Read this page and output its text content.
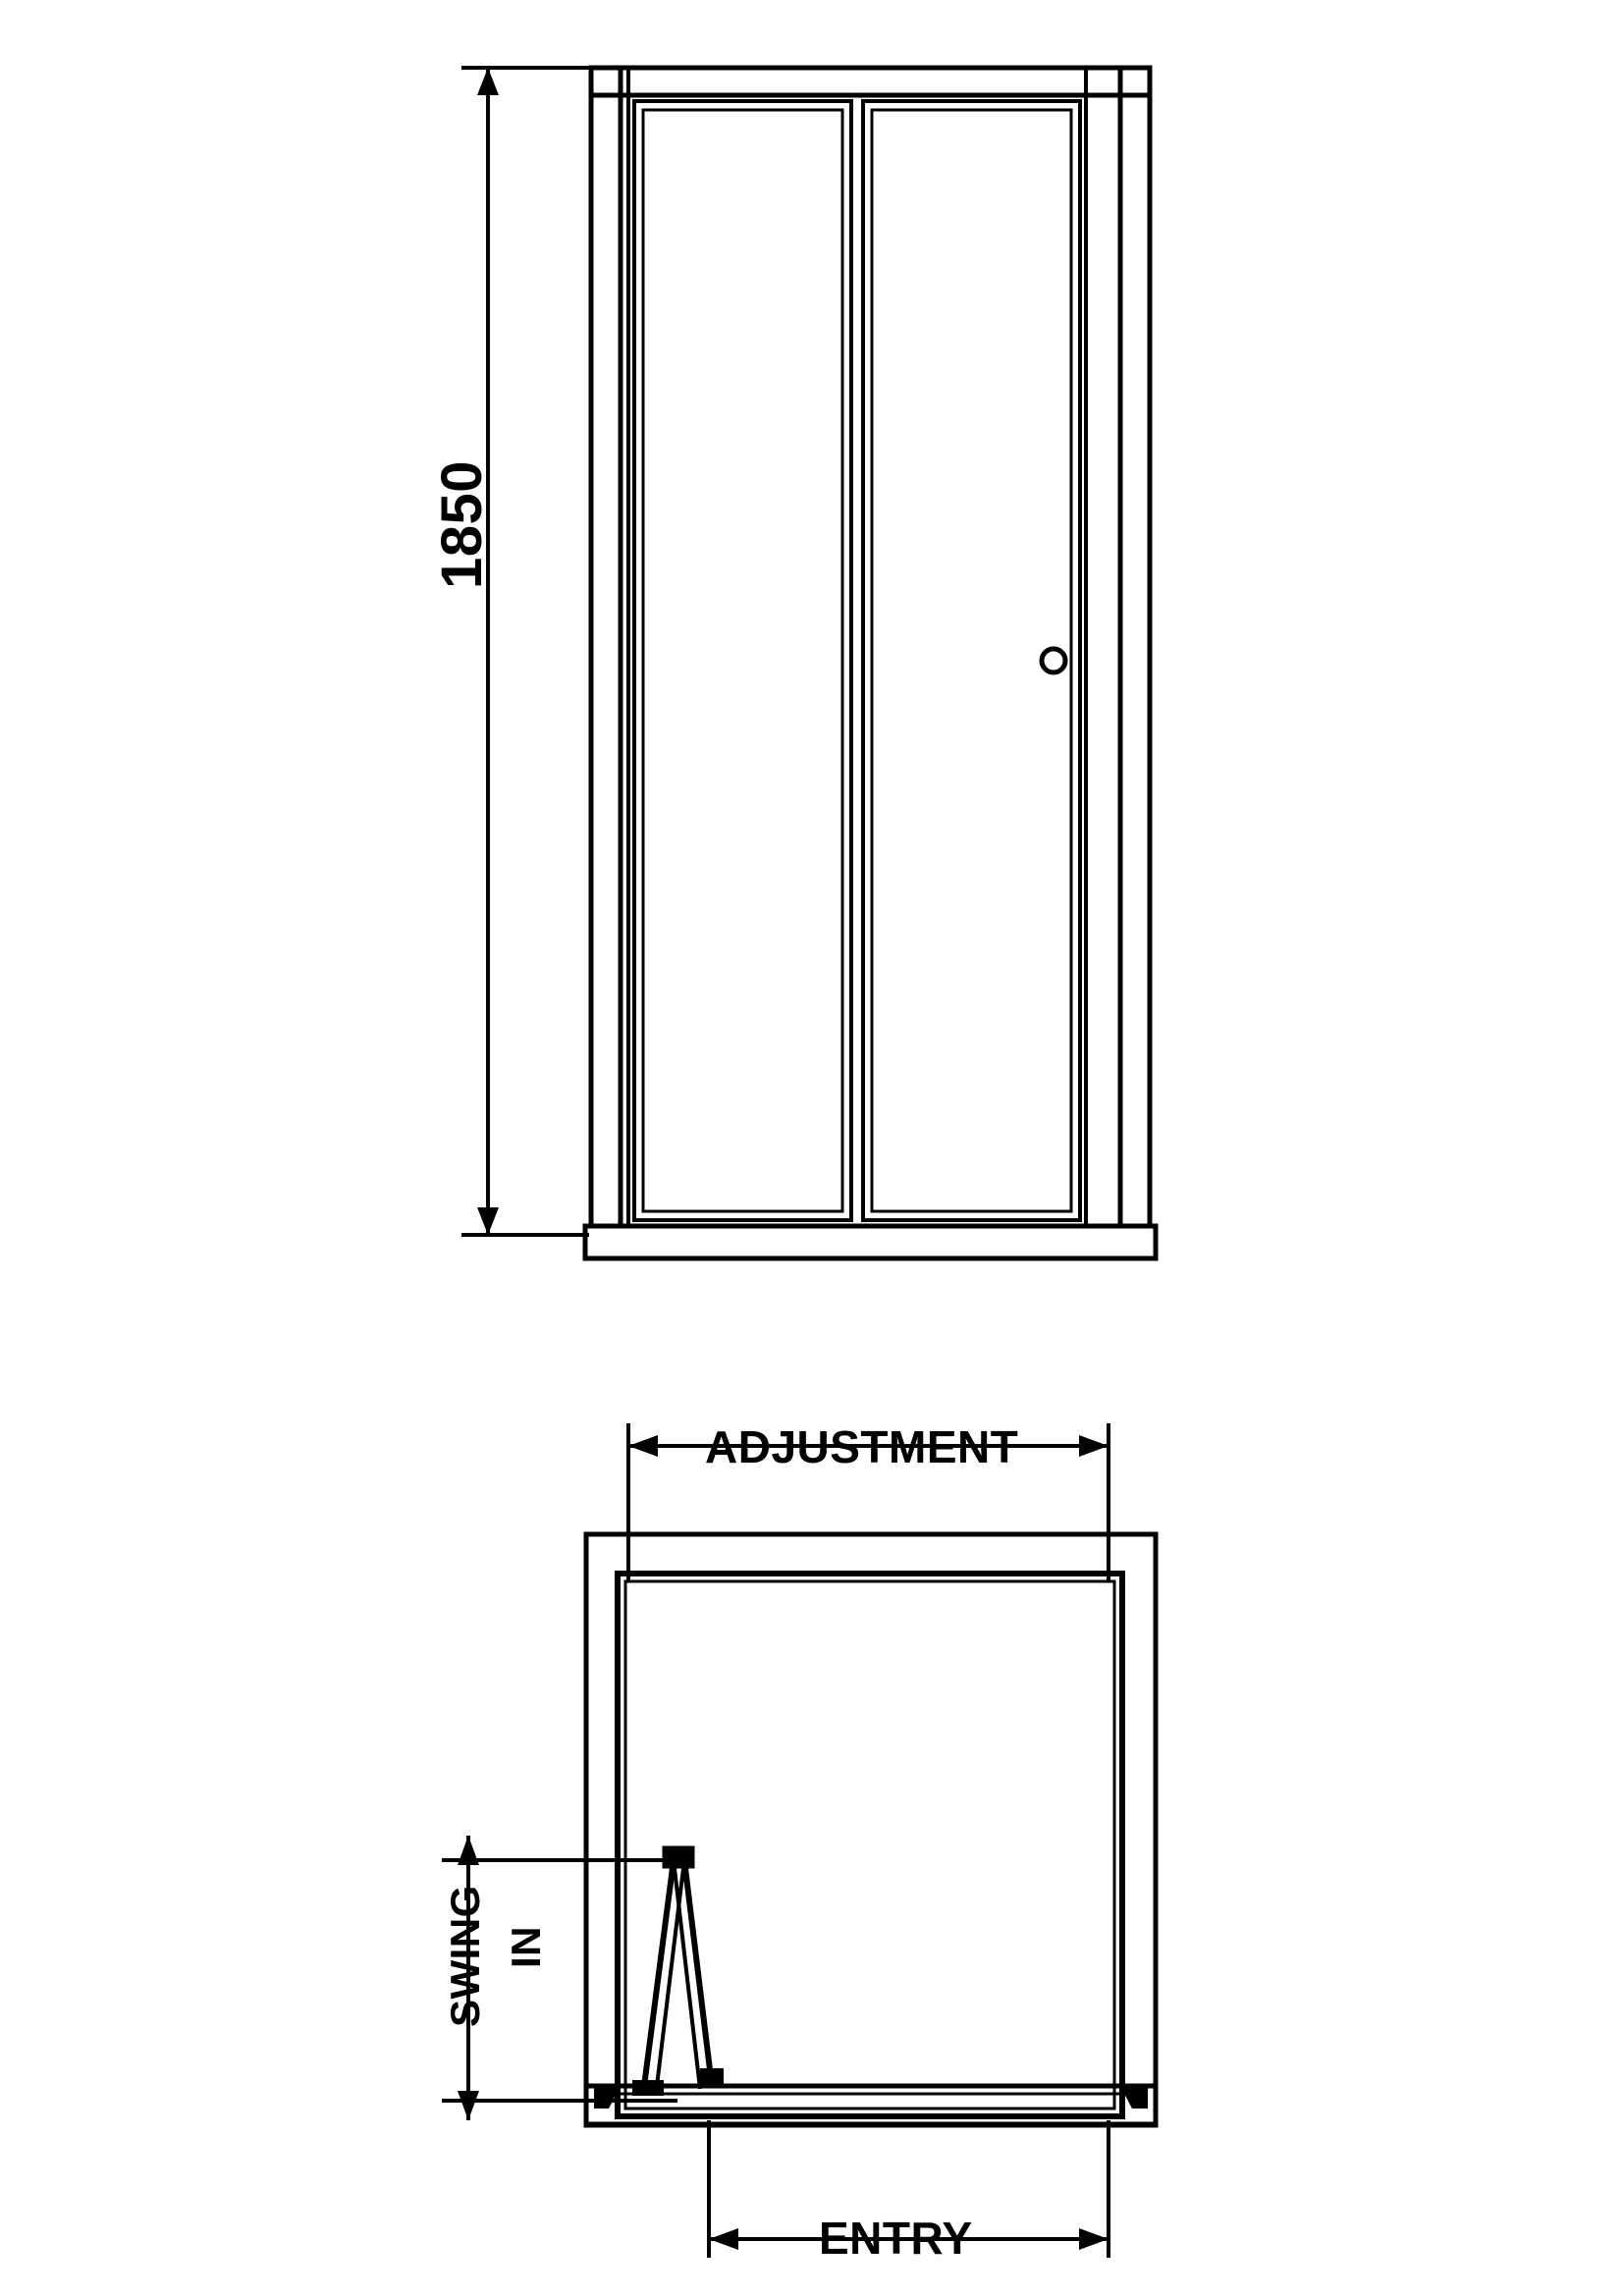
1850
ADJUSTMENT
SWING IN
ENTRY
